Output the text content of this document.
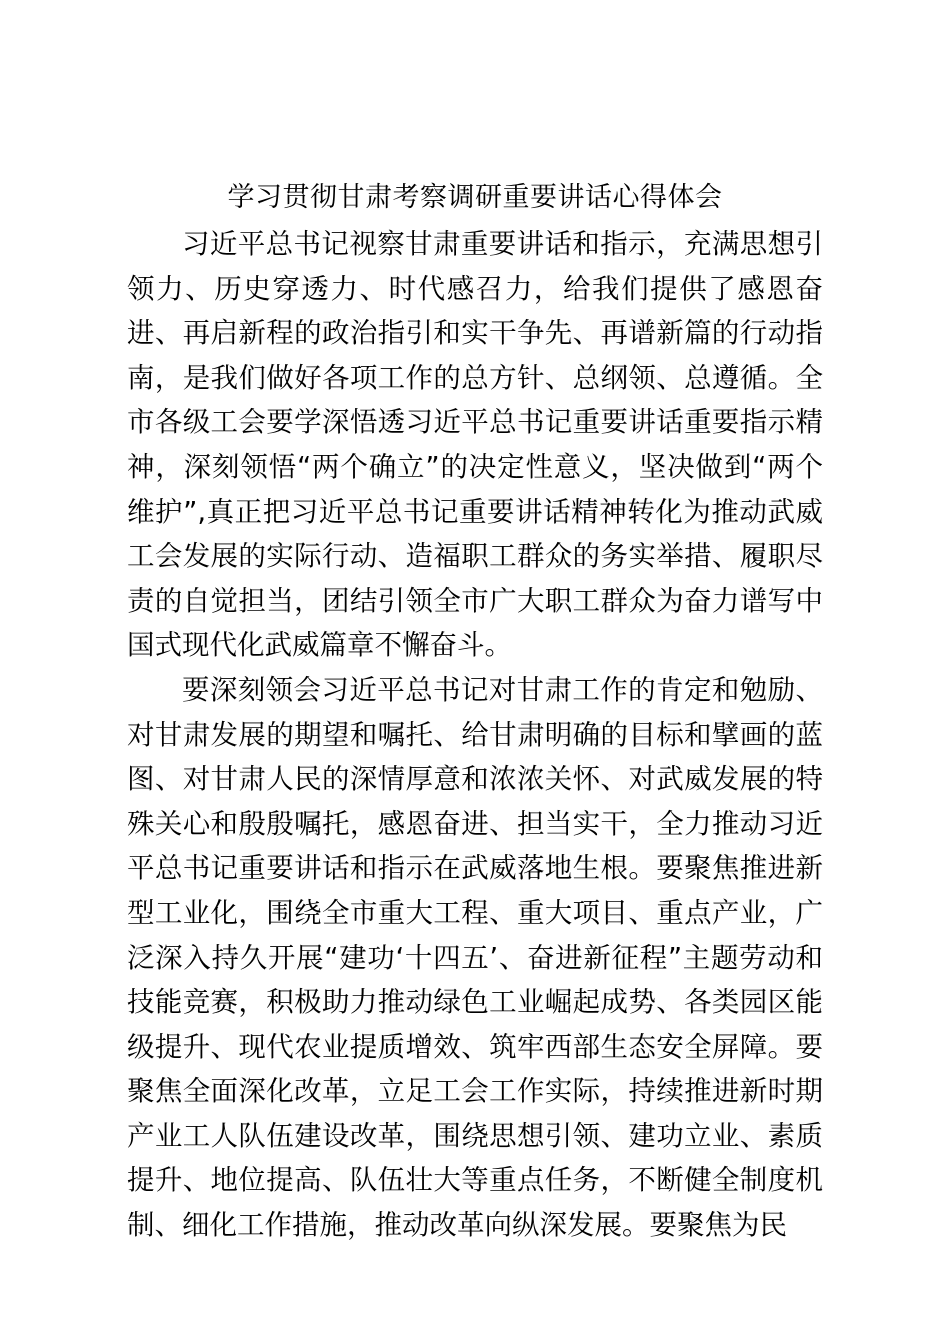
学习贯彻甘肃考察调研重要讲话心得体会

习近平总书记视察甘肃重要讲话和指示，充满思想引领力、历史穿透力、时代感召力，给我们提供了感恩奋进、再启新程的政治指引和实干争先、再谱新篇的行动指南，是我们做好各项工作的总方针、总纲领、总遵循。全市各级工会要学深悟透习近平总书记重要讲话重要指示精神，深刻领悟“两个确立”的决定性意义，坚决做到“两个维护”,真正把习近平总书记重要讲话精神转化为推动武威工会发展的实际行动、造福职工群众的务实举措、履职尽责的自觉担当，团结引领全市广大职工群众为奋力谱写中国式现代化武威篇章不懈奋斗。

要深刻领会习近平总书记对甘肃工作的肯定和勉励、对甘肃发展的期望和嘱托、给甘肃明确的目标和擘画的蓝图、对甘肃人民的深情厚意和浓浓关怀、对武威发展的特殊关心和殷殷嘱托，感恩奋进、担当实干，全力推动习近平总书记重要讲话和指示在武威落地生根。要聚焦推进新型工业化，围绕全市重大工程、重大项目、重点产业，广泛深入持久开展“建功‘十四五’、奋进新征程”主题劳动和技能竞赛，积极助力推动绿色工业崛起成势、各类园区能级提升、现代农业提质增效、筑牢西部生态安全屏障。要聚焦全面深化改革，立足工会工作实际，持续推进新时期产业工人队伍建设改革，围绕思想引领、建功立业、素质提升、地位提高、队伍壮大等重点任务，不断健全制度机制、细化工作措施，推动改革向纵深发展。要聚焦为民
